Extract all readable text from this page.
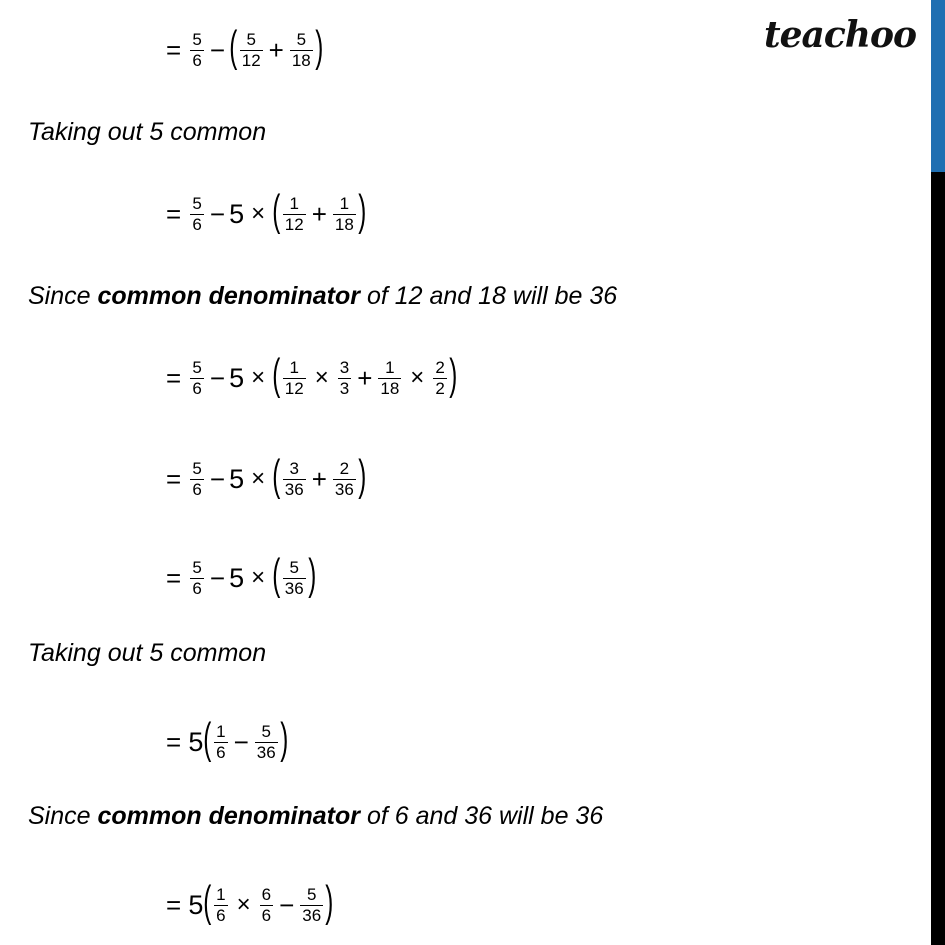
teachoo
= $\frac{5}{6}$ − ( $\frac{5}{12} + \frac{5}{18}$ )
Taking out 5 common
= $\frac{5}{6} - 5$ × ( $\frac{1}{12} + \frac{1}{18}$ )
Since common denominator of 12 and 18 will be 36
= $\frac{5}{6} - 5$ × ( $\frac{1}{12} \times \frac{3}{3} + \frac{1}{18} \times \frac{2}{2}$ )
= $\frac{5}{6} - 5$ × ( $\frac{3}{36} + \frac{2}{36}$ )
= $\frac{5}{6} - 5$ × ( $\frac{5}{36}$ )
Taking out 5 common
= 5 ( $\frac{1}{6} - \frac{5}{36}$ )
Since common denominator of 6 and 36 will be 36
= 5 ( $\frac{1}{6} \times \frac{6}{6} - \frac{5}{36}$ )
